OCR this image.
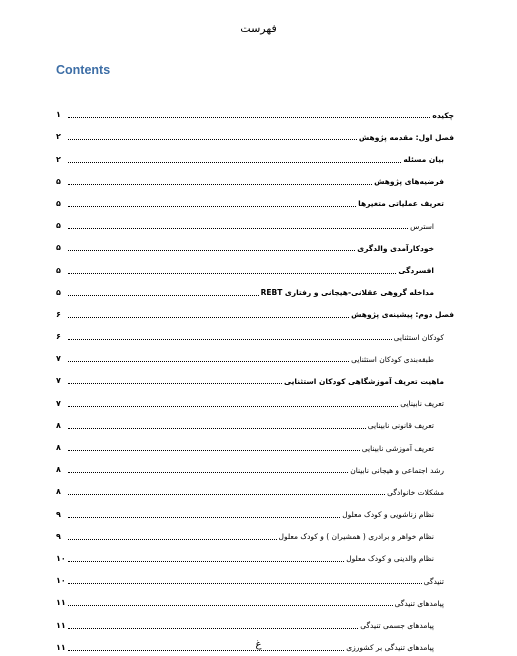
فهرست
Contents
چکیده
۱
فصل اول: مقدمه پژوهش
۲
بیان مسئله
۲
فرضیه‌های پژوهش
۵
تعریف عملیاتی متغیرها
۵
استرس
۵
خودکارآمدی والدگری
۵
افسردگی
۵
مداخله گروهی عقلانی-هیجانی و رفتاری REBT
۵
فصل دوم: پیشینه‌ی پژوهش
۶
کودکان استثنایی
۶
طبقه‌بندی کودکان استثنایی
۷
ماهیت تعریف آموزشگاهی کودکان استثنایی
۷
تعریف نابینایی
۷
تعریف قانونی نابینایی
۸
تعریف آموزشی نابینایی
۸
رشد اجتماعی و هیجانی نابینان
۸
مشکلات خانوادگی
۸
نظام زناشویی و کودک معلول
۹
نظام خواهر و برادری ( همشیران ) و کودک معلول
۹
نظام والدینی و کودک معلول
۱۰
تنیدگی
۱۰
پیامدهای تنیدگی
۱۱
پیامدهای جسمی تنیدگی
۱۱
پیامدهای تنیدگی بر کشورزی
۱۱	غ
